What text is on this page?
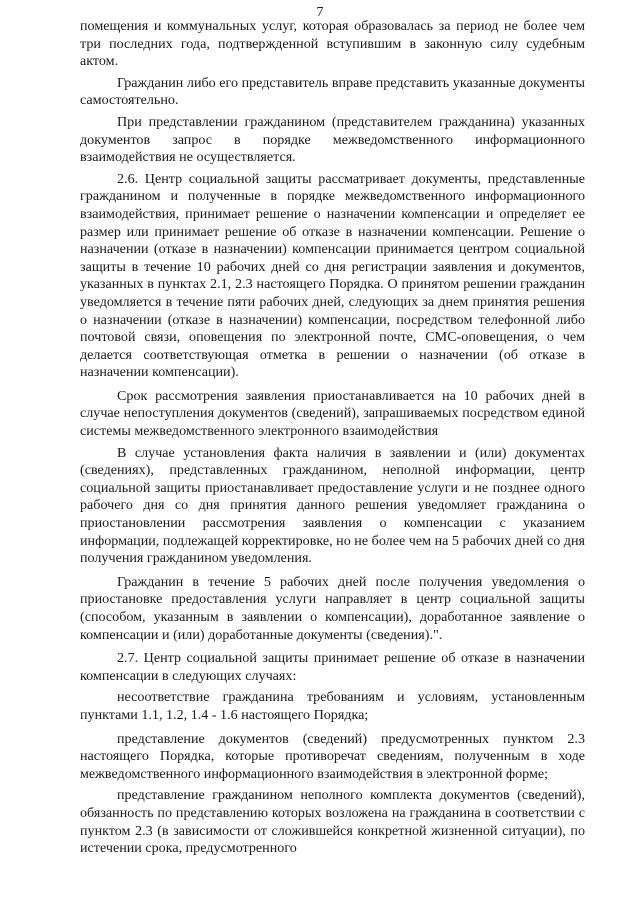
7

помещения и коммунальных услуг, которая образовалась за период не более чем три последних года, подтвержденной вступившим в законную силу судебным актом.

Гражданин либо его представитель вправе представить указанные документы самостоятельно.

При представлении гражданином (представителем гражданина) указанных документов запрос в порядке межведомственного информационного взаимодействия не осуществляется.

2.6. Центр социальной защиты рассматривает документы, представленные гражданином и полученные в порядке межведомственного информационного взаимодействия, принимает решение о назначении компенсации и определяет ее размер или принимает решение об отказе в назначении компенсации. Решение о назначении (отказе в назначении) компенсации принимается центром социальной защиты в течение 10 рабочих дней со дня регистрации заявления и документов, указанных в пунктах 2.1, 2.3 настоящего Порядка. О принятом решении гражданин уведомляется в течение пяти рабочих дней, следующих за днем принятия решения о назначении (отказе в назначении) компенсации, посредством телефонной либо почтовой связи, оповещения по электронной почте, СМС-оповещения, о чем делается соответствующая отметка в решении о назначении (об отказе в назначении компенсации).

Срок рассмотрения заявления приостанавливается на 10 рабочих дней в случае непоступления документов (сведений), запрашиваемых посредством единой системы межведомственного электронного взаимодействия

В случае установления факта наличия в заявлении и (или) документах (сведениях), представленных гражданином, неполной информации, центр социальной защиты приостанавливает предоставление услуги и не позднее одного рабочего дня со дня принятия данного решения уведомляет гражданина о приостановлении рассмотрения заявления о компенсации с указанием информации, подлежащей корректировке, но не более чем на 5 рабочих дней со дня получения гражданином уведомления.

Гражданин в течение 5 рабочих дней после получения уведомления о приостановке предоставления услуги направляет в центр социальной защиты (способом, указанным в заявлении о компенсации), доработанное заявление о компенсации и (или) доработанные документы (сведения).".

2.7. Центр социальной защиты принимает решение об отказе в назначении компенсации в следующих случаях:

несоответствие гражданина требованиям и условиям, установленным пунктами 1.1, 1.2, 1.4 - 1.6 настоящего Порядка;

представление документов (сведений) предусмотренных пунктом 2.3 настоящего Порядка, которые противоречат сведениям, полученным в ходе межведомственного информационного взаимодействия в электронной форме;

представление гражданином неполного комплекта документов (сведений), обязанность по представлению которых возложена на гражданина в соответствии с пунктом 2.3 (в зависимости от сложившейся конкретной жизненной ситуации), по истечении срока, предусмотренного
